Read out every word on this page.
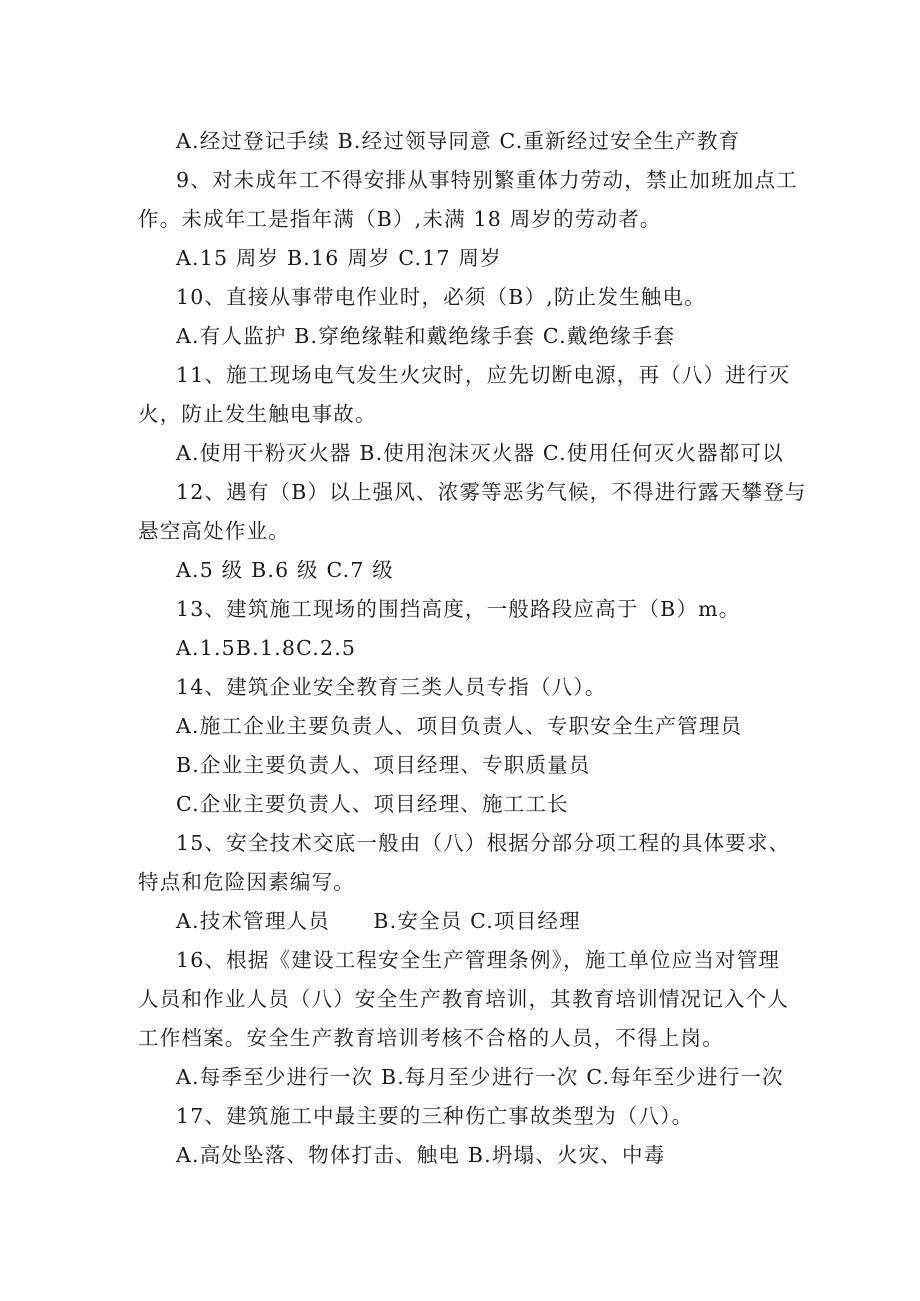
A.经过登记手续 B.经过领导同意 C.重新经过安全生产教育
9、对未成年工不得安排从事特别繁重体力劳动，禁止加班加点工
作。未成年工是指年满（B）,未满 18 周岁的劳动者。
A.15 周岁 B.16 周岁 C.17 周岁
10、直接从事带电作业时，必须（B）,防止发生触电。
A.有人监护 B.穿绝缘鞋和戴绝缘手套 C.戴绝缘手套
11、施工现场电气发生火灾时，应先切断电源，再（八）进行灭
火，防止发生触电事故。
A.使用干粉灭火器 B.使用泡沫灭火器 C.使用任何灭火器都可以
12、遇有（B）以上强风、浓雾等恶劣气候，不得进行露天攀登与
悬空高处作业。
A.5 级 B.6 级 C.7 级
13、建筑施工现场的围挡高度，一般路段应高于（B）m。
A.1.5B.1.8C.2.5
14、建筑企业安全教育三类人员专指（八）。
A.施工企业主要负责人、项目负责人、专职安全生产管理员
B.企业主要负责人、项目经理、专职质量员
C.企业主要负责人、项目经理、施工工长
15、安全技术交底一般由（八）根据分部分项工程的具体要求、
特点和危险因素编写。
A.技术管理人员　　B.安全员 C.项目经理
16、根据《建设工程安全生产管理条例》，施工单位应当对管理
人员和作业人员（八）安全生产教育培训，其教育培训情况记入个人
工作档案。安全生产教育培训考核不合格的人员，不得上岗。
A.每季至少进行一次 B.每月至少进行一次 C.每年至少进行一次
17、建筑施工中最主要的三种伤亡事故类型为（八）。
A.高处坠落、物体打击、触电 B.坍塌、火灾、中毒
